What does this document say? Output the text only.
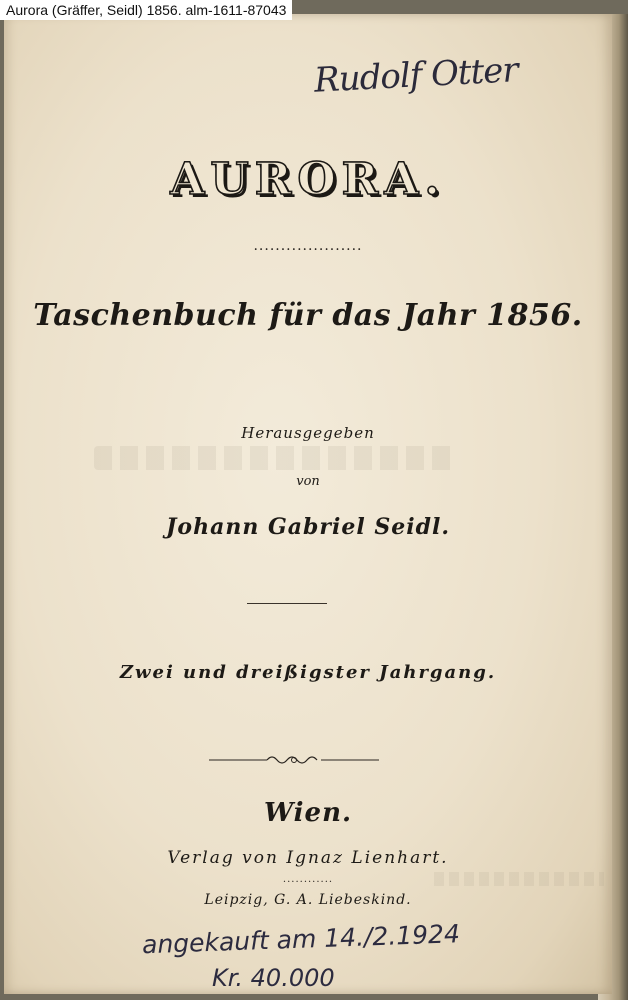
Aurora (Gräffer, Seidl) 1856. alm-1611-87043
Rudolf Otter
AURORA.
....................
Taschenbuch für das Jahr 1856.
Herausgegeben
von
Johann Gabriel Seidl.
Zwei und dreißigster Jahrgang.
Wien.
Verlag von Ignaz Lienhart.
............
Leipzig, G. A. Liebeskind.
angekauft am 14./2.1924
Kr. 40.000
